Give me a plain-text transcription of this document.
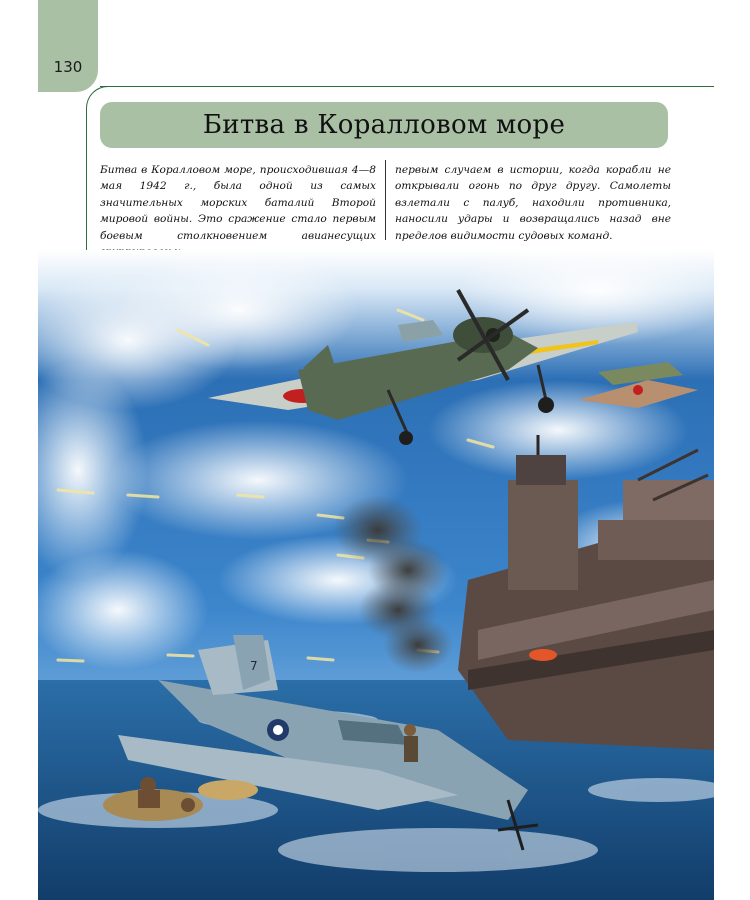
130
Битва в Коралловом море
Битва в Коралловом море, происходившая 4—8 мая 1942 г., была одной из самых значительных морских баталий Второй мировой войны. Это сражение стало первым боевым столкновением авианесущих
первым случаем в истории, когда корабли не открывали огонь по друг другу. Самолеты взлетали с палуб, находили противника, наносили удары и возвращались назад вне пределов видимости судовых команд.
7
